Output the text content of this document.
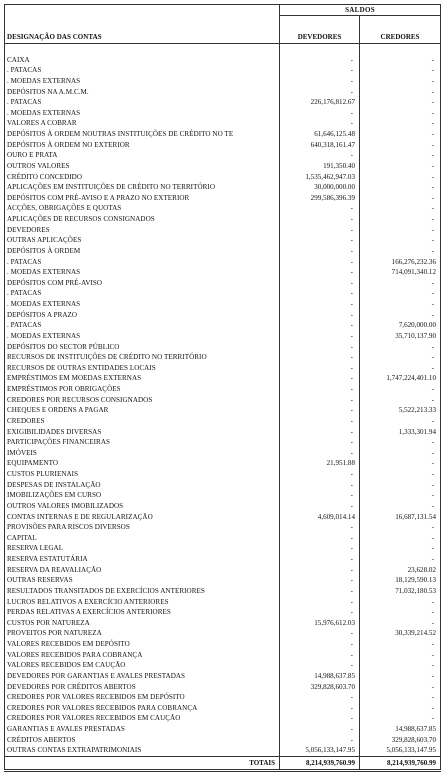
	SALDOS	
DESIGNAÇÃO DAS CONTAS	DEVEDORES	CREDORES

CAIXA	-	-
. PATACAS	-	-
. MOEDAS EXTERNAS	-	-
DEPÓSITOS NA A.M.C.M.	-	-
. PATACAS	226,176,812.67	-
. MOEDAS EXTERNAS	-	-
VALORES A COBRAR	-	-
DEPÓSITOS À ORDEM NOUTRAS INSTITUIÇÕES DE CRÉDITO NO TE	61,646,125.48	-
DEPÓSITOS À ORDEM NO EXTERIOR	640,318,161.47	-
OURO E PRATA	-	-
OUTROS VALORES	191,350.40	-
CRÉDITO CONCEDIDO	1,535,462,947.03	-
APLICAÇÕES EM INSTITUIÇÕES DE CRÉDITO NO TERRITÓRIO	30,000,000.00	-
DEPÓSITOS COM PRÉ-AVISO E A PRAZO NO EXTERIOR	299,586,396.39	-
ACÇÕES, OBRIGAÇÕES E QUOTAS	-	-
APLICAÇÕES DE RECURSOS CONSIGNADOS	-	-
DEVEDORES	-	-
OUTRAS APLICAÇÕES	-	-
DEPÓSITOS À ORDEM	-	-
. PATACAS	-	166,276,232.36
. MOEDAS EXTERNAS	-	714,091,340.12
DEPÓSITOS COM PRÉ-AVISO	-	-
. PATACAS	-	-
. MOEDAS EXTERNAS	-	-
DEPÓSITOS A PRAZO	-	-
. PATACAS	-	7,620,000.00
. MOEDAS EXTERNAS	-	35,710,137.90
DEPÓSITOS DO SECTOR PÚBLICO	-	-
RECURSOS DE INSTITUIÇÕES DE CRÉDITO NO TERRITÓRIO	-	-
RECURSOS DE OUTRAS ENTIDADES LOCAIS	-	-
EMPRÉSTIMOS EM MOEDAS EXTERNAS	-	1,747,224,401.10
EMPRÉSTIMOS POR OBRIGAÇÕES	-	-
CREDORES POR RECURSOS CONSIGNADOS	-	-
CHEQUES E ORDENS A PAGAR	-	5,522,213.33
CREDORES	-	-
EXIGIBILIDADES DIVERSAS	-	1,333,301.94
PARTICIPAÇÕES FINANCEIRAS	-	-
IMÓVEIS	-	-
EQUIPAMENTO	21,951.88	-
CUSTOS PLURIENAIS	-	-
DESPESAS DE INSTALAÇÃO	-	-
IMOBILIZAÇÕES EM CURSO	-	-
OUTROS VALORES IMOBILIZADOS	-	-
CONTAS INTERNAS E DE REGULARIZAÇÃO	4,609,014.14	16,687,131.54
PROVISÕES PARA RISCOS DIVERSOS	-	-
CAPITAL	-	-
RESERVA LEGAL	-	-
RESERVA ESTATUTÁRIA	-	-
RESERVA DA REAVALIAÇÃO	-	23,628.02
OUTRAS RESERVAS	-	18,129,590.13
RESULTADOS TRANSITADOS DE EXERCÍCIOS ANTERIORES	-	71,032,180.53
LUCROS RELATIVOS A EXERCÍCIO ANTERIORES	-	-
PERDAS RELATIVAS A EXERCÍCIOS ANTERIORES	-	-
CUSTOS POR NATUREZA	15,976,612.03	-
PROVEITOS POR NATUREZA	-	30,339,214.52
VALORES RECEBIDOS EM DEPÓSITO	-	-
VALORES RECEBIDOS PARA COBRANÇA	-	-
VALORES RECEBIDOS EM CAUÇÃO	-	-
DEVEDORES POR GARANTIAS E AVALES PRESTADAS	14,988,637.85	-
DEVEDORES POR CRÉDITOS ABERTOS	329,828,603.70	-
CREDORES POR VALORES RECEBIDOS EM DEPÓSITO	-	-
CREDORES POR VALORES RECEBIDOS PARA COBRANÇA	-	-
CREDORES POR VALORES RECEBIDOS EM CAUÇÃO	-	-
GARANTIAS E AVALES PRESTADAS	-	14,988,637.85
CRÉDITOS ABERTOS	-	329,828,603.70
OUTRAS CONTAS EXTRAPATRIMONIAIS	5,056,133,147.95	5,056,133,147.95
TOTAIS	8,214,939,760.99	8,214,939,760.99
